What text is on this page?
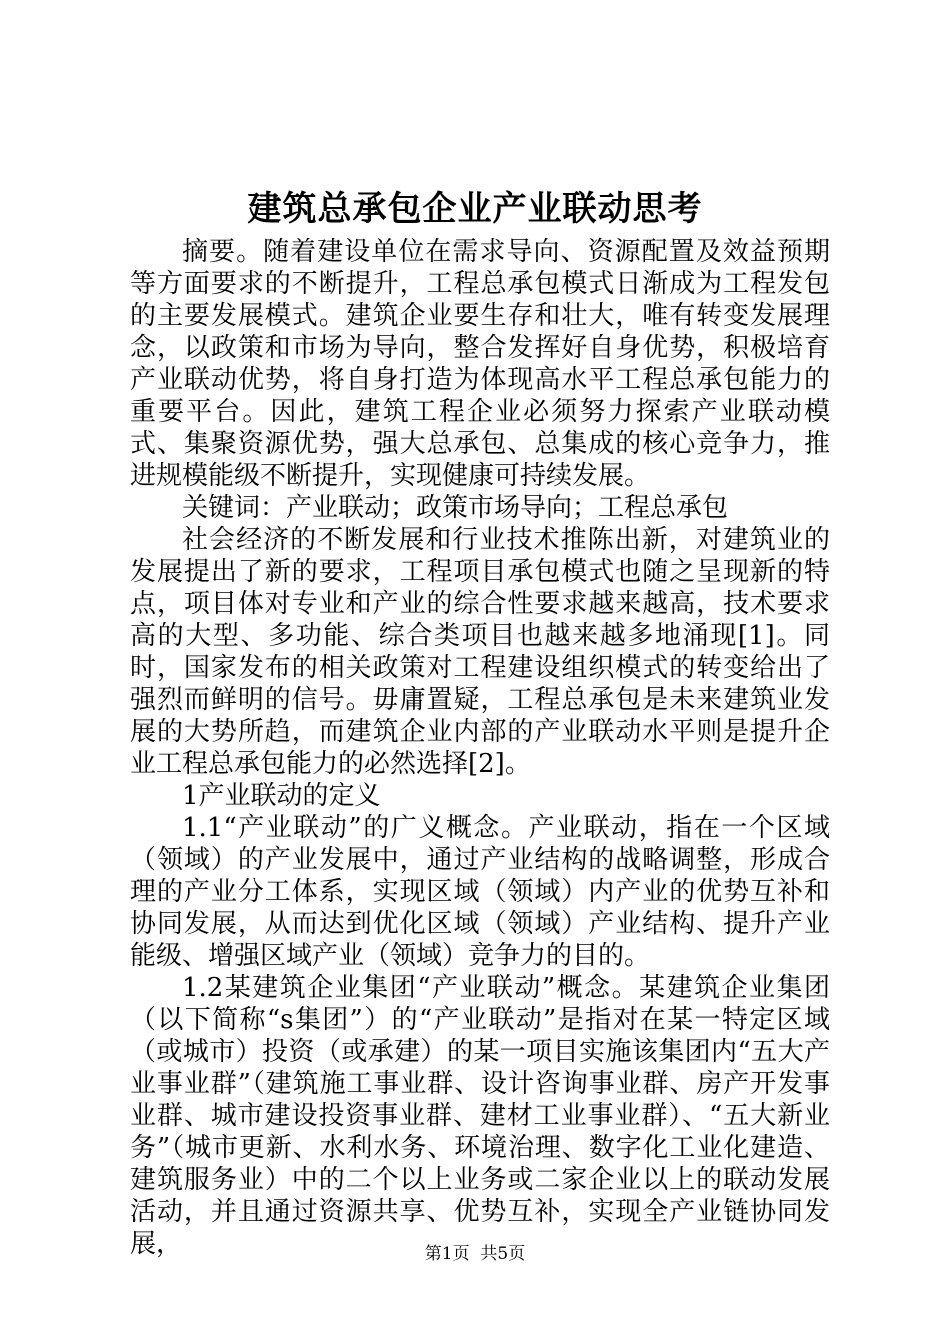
建筑总承包企业产业联动思考

摘要。随着建设单位在需求导向、资源配置及效益预期等方面要求的不断提升，工程总承包模式日渐成为工程发包的主要发展模式。建筑企业要生存和壮大，唯有转变发展理念，以政策和市场为导向，整合发挥好自身优势，积极培育产业联动优势，将自身打造为体现高水平工程总承包能力的重要平台。因此，建筑工程企业必须努力探索产业联动模式、集聚资源优势，强大总承包、总集成的核心竞争力，推进规模能级不断提升，实现健康可持续发展。

关键词：产业联动；政策市场导向；工程总承包

社会经济的不断发展和行业技术推陈出新，对建筑业的发展提出了新的要求，工程项目承包模式也随之呈现新的特点，项目体对专业和产业的综合性要求越来越高，技术要求高的大型、多功能、综合类项目也越来越多地涌现[1]。同时，国家发布的相关政策对工程建设组织模式的转变给出了强烈而鲜明的信号。毋庸置疑，工程总承包是未来建筑业发展的大势所趋，而建筑企业内部的产业联动水平则是提升企业工程总承包能力的必然选择[2]。

1产业联动的定义

1.1“产业联动”的广义概念。产业联动，指在一个区域（领域）的产业发展中，通过产业结构的战略调整，形成合理的产业分工体系，实现区域（领域）内产业的优势互补和协同发展，从而达到优化区域（领域）产业结构、提升产业能级、增强区域产业（领域）竞争力的目的。

1.2某建筑企业集团“产业联动”概念。某建筑企业集团（以下简称“s集团”）的“产业联动”是指对在某一特定区域（或城市）投资（或承建）的某一项目实施该集团内“五大产业事业群”（建筑施工事业群、设计咨询事业群、房产开发事业群、城市建设投资事业群、建材工业事业群）、“五大新业务”（城市更新、水利水务、环境治理、数字化工业化建造、建筑服务业）中的二个以上业务或二家企业以上的联动发展活动，并且通过资源共享、优势互补，实现全产业链协同发展，	第1页  共5页
